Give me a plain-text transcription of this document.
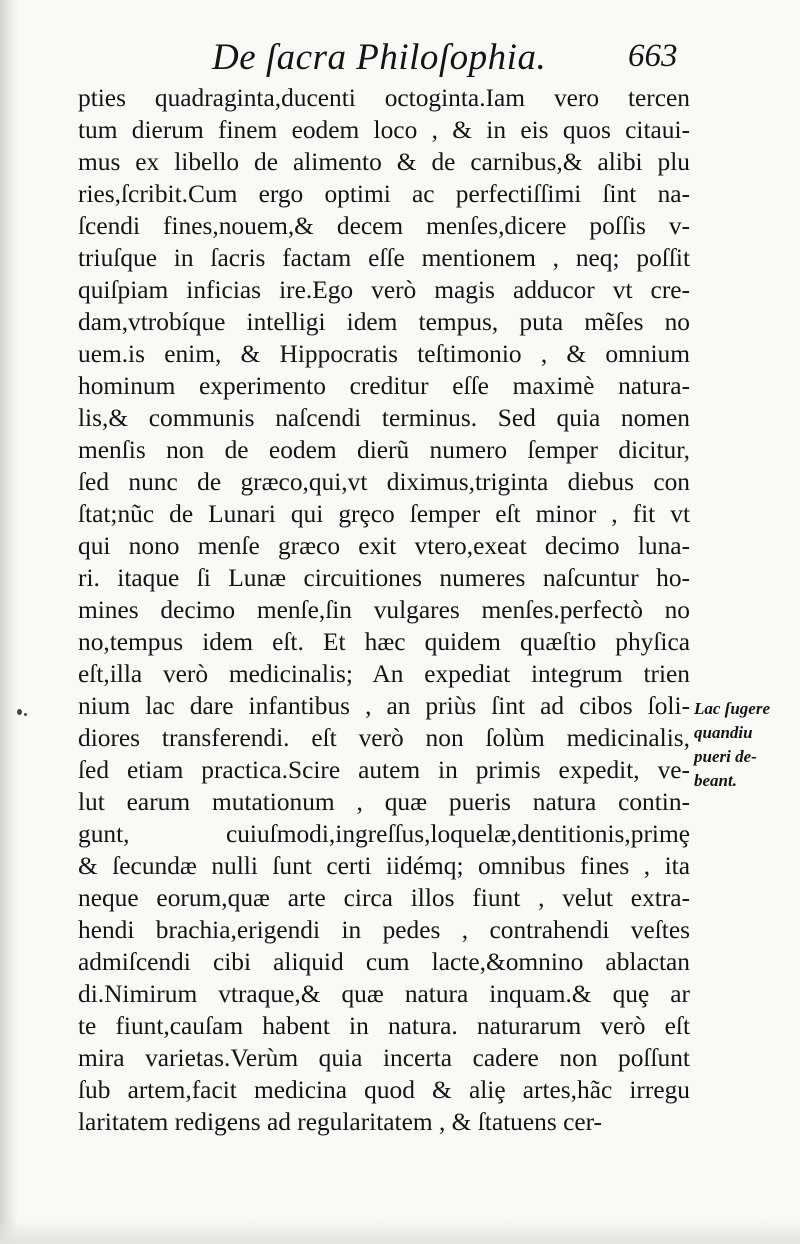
De ſacra Philoſophia. 663
pties quadraginta,ducenti octoginta.Iam vero tercen
tum dierum finem eodem loco , & in eis quos citaui-
mus ex libello de alimento & de carnibus,& alibi plu
ries,ſcribit.Cum ergo optimi ac perfectiſſimi ſint na-
ſcendi fines,nouem,& decem menſes,dicere poſſis v-
triuſque in ſacris factam eſſe mentionem , neq; poſſit
quiſpiam inficias ire.Ego verò magis adducor vt cre-
dam,vtrobíque intelligi idem tempus, puta mẽſes no
uem.is enim, & Hippocratis teſtimonio , & omnium
hominum experimento creditur eſſe maximè natura-
lis,& communis naſcendi terminus. Sed quia nomen
menſis non de eodem dierũ numero ſemper dicitur,
ſed nunc de græco,qui,vt diximus,triginta diebus con
ſtat;nũc de Lunari qui grȩco ſemper eſt minor , fit vt
qui nono menſe græco exit vtero,exeat decimo luna-
ri. itaque ſi Lunæ circuitiones numeres naſcuntur ho-
mines decimo menſe,ſin vulgares menſes.perfectò no
no,tempus idem eſt. Et hæc quidem quæſtio phyſica
eſt,illa verò medicinalis; An expediat integrum trien
nium lac dare infantibus , an priùs ſint ad cibos ſoli-
diores transferendi. eſt verò non ſolùm medicinalis,
ſed etiam practica.Scire autem in primis expedit, ve-
lut earum mutationum , quæ pueris natura contin-
gunt, cuiuſmodi,ingreſſus,loquelæ,dentitionis,primȩ
& ſecundæ nulli ſunt certi iidémq; omnibus fines , ita
neque eorum,quæ arte circa illos fiunt , velut extra-
hendi brachia,erigendi in pedes , contrahendi veſtes
admiſcendi cibi aliquid cum lacte,&omnino ablactan
di.Nimirum vtraque,& quæ natura inquam.& quȩ ar
te fiunt,cauſam habent in natura. naturarum verò eſt
mira varietas.Verùm quia incerta cadere non poſſunt
ſub artem,facit medicina quod & aliȩ artes,hãc irregu
laritatem redigens ad regularitatem , & ſtatuens cer-
Lac ſugere
quandiu
pueri de-
beant.
